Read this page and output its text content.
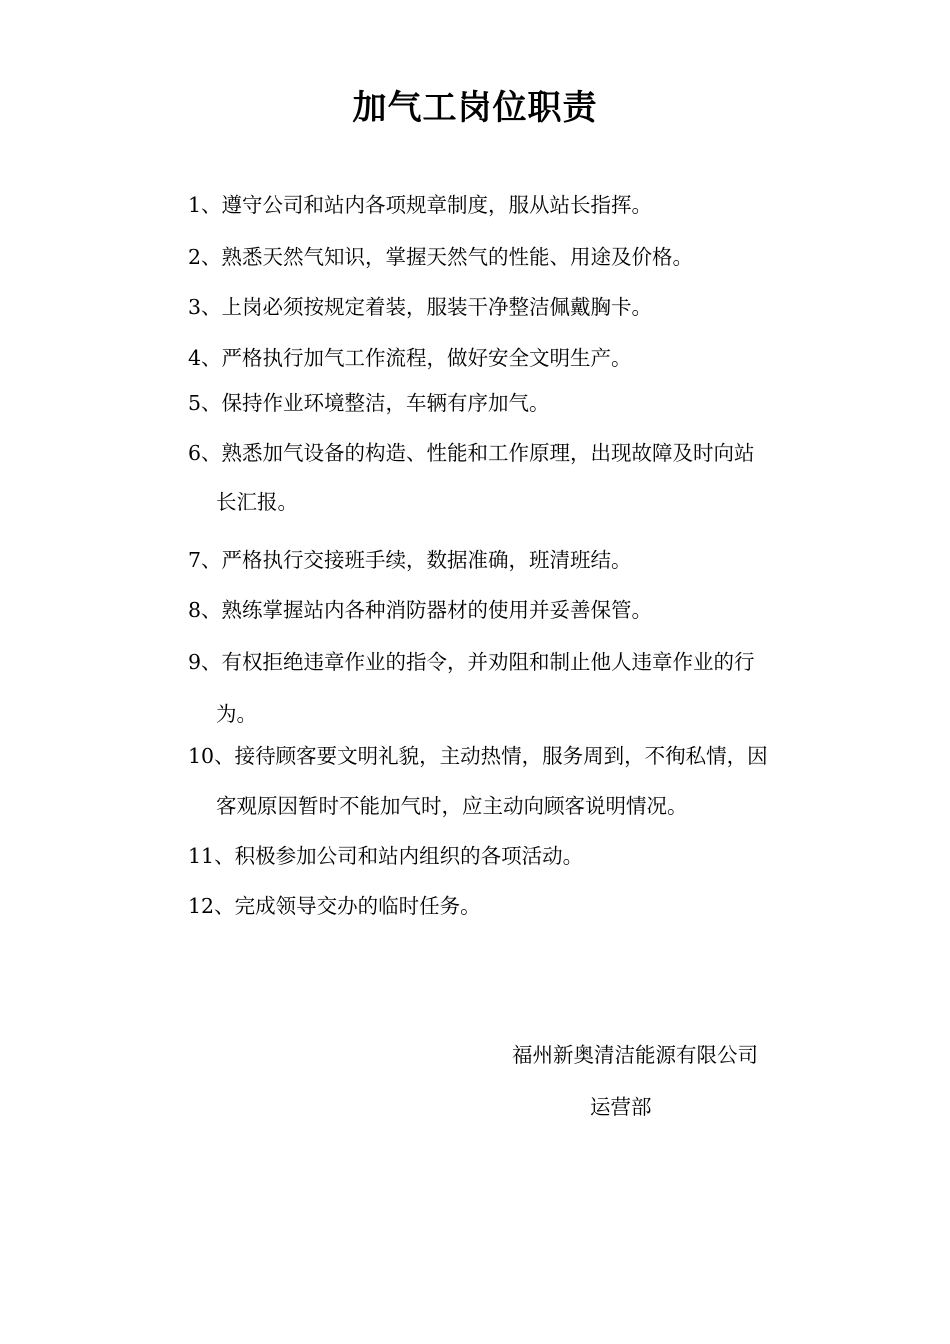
加气工岗位职责

1、遵守公司和站内各项规章制度，服从站长指挥。

2、熟悉天然气知识，掌握天然气的性能、用途及价格。

3、上岗必须按规定着装，服装干净整洁佩戴胸卡。

4、严格执行加气工作流程，做好安全文明生产。

5、保持作业环境整洁，车辆有序加气。

6、熟悉加气设备的构造、性能和工作原理，出现故障及时向站

长汇报。

7、严格执行交接班手续，数据准确，班清班结。

8、熟练掌握站内各种消防器材的使用并妥善保管。

9、有权拒绝违章作业的指令，并劝阻和制止他人违章作业的行

为。

10、接待顾客要文明礼貌，主动热情，服务周到，不徇私情，因

客观原因暂时不能加气时，应主动向顾客说明情况。

11、积极参加公司和站内组织的各项活动。

12、完成领导交办的临时任务。

福州新奥清洁能源有限公司
运营部
